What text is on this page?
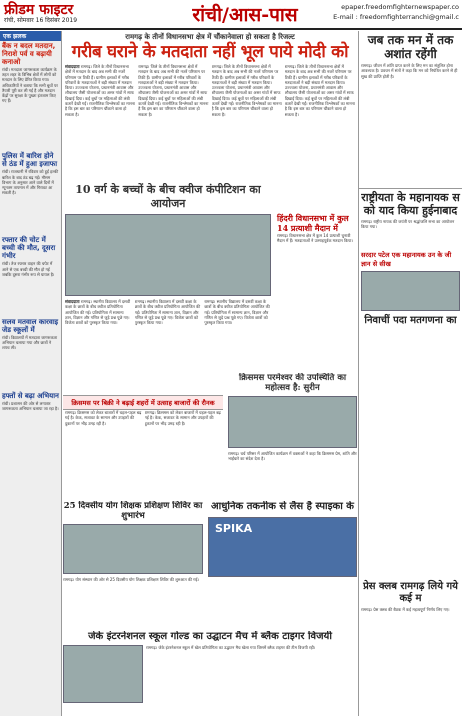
फ्रीडम फाइटर
रांची, सोमवार 16 दिसंबर 2019	रांची/आस-पास	epaper.freedomfighternewspaper.co
E-mail : freedomfighterranchi@gmail.c
एक झलक
बैंक न बदल मतदान, निराशे पर्व व बढ़ायी कनाओ
रांची। मतदाता जागरूकता कार्यक्रम के तहत शहर के विभिन्न क्षेत्रों में लोगों को मतदान के लिए प्रेरित किया गया। अधिकारियों ने बताया कि सभी बूथों पर तैयारी पूरी कर ली गई है और मतदान केंद्रों पर सुरक्षा के पुख्ता इंतजाम किए गए हैं।
पुलिस में बारिश होने से ठंड में हुआ इजाफा
रांची। राजधानी में रविवार को हुई हल्की बारिश के बाद ठंड बढ़ गई। मौसम विभाग के अनुसार आने वाले दिनों में न्यूनतम तापमान में और गिरावट आ सकती है।
रफ्तार की चोट में बच्ची की मौत, दूसरा गंभीर
रांची। तेज रफ्तार वाहन की चपेट में आने से एक बच्ची की मौत हो गई जबकि दूसरा गंभीर रूप से घायल है।
सलव मतवाल कारवाइ जेड स्कूलों में
रांची। विद्यालयों में मतदाता जागरूकता अभियान चलाया गया और छात्रों ने शपथ ली।
हफ्तों से बढ़ा अभियान
रांची। प्रशासन की ओर से लगातार जागरूकता अभियान चलाया जा रहा है।
रामगढ़ के तीनों विधानसभा क्षेत्र में चौंकानेवाला हो सकता है रिजल्ट
गरीब घराने के मतदाता नहीं भूल पाये मोदी को
संवाददाता रामगढ़। जिले के तीनों विधानसभा क्षेत्रों में मतदान के बाद अब सभी की नजरें परिणाम पर टिकी हैं। ग्रामीण इलाकों में गरीब परिवारों के मतदाताओं ने बड़ी संख्या में मतदान किया। उज्ज्वला योजना, प्रधानमंत्री आवास और शौचालय जैसी योजनाओं का असर गांवों में साफ दिखाई दिया। कई बूथों पर महिलाओं की लंबी कतारें देखी गईं। राजनीतिक विश्लेषकों का मानना है कि इस बार का परिणाम चौंकाने वाला हो सकता है।
रामगढ़। जिले के तीनों विधानसभा क्षेत्रों में मतदान के बाद अब सभी की नजरें परिणाम पर टिकी हैं। ग्रामीण इलाकों में गरीब परिवारों के मतदाताओं ने बड़ी संख्या में मतदान किया। उज्ज्वला योजना, प्रधानमंत्री आवास और शौचालय जैसी योजनाओं का असर गांवों में साफ दिखाई दिया। कई बूथों पर महिलाओं की लंबी कतारें देखी गईं। राजनीतिक विश्लेषकों का मानना है कि इस बार का परिणाम चौंकाने वाला हो सकता है।
रामगढ़। जिले के तीनों विधानसभा क्षेत्रों में मतदान के बाद अब सभी की नजरें परिणाम पर टिकी हैं। ग्रामीण इलाकों में गरीब परिवारों के मतदाताओं ने बड़ी संख्या में मतदान किया। उज्ज्वला योजना, प्रधानमंत्री आवास और शौचालय जैसी योजनाओं का असर गांवों में साफ दिखाई दिया। कई बूथों पर महिलाओं की लंबी कतारें देखी गईं। राजनीतिक विश्लेषकों का मानना है कि इस बार का परिणाम चौंकाने वाला हो सकता है।
रामगढ़। जिले के तीनों विधानसभा क्षेत्रों में मतदान के बाद अब सभी की नजरें परिणाम पर टिकी हैं। ग्रामीण इलाकों में गरीब परिवारों के मतदाताओं ने बड़ी संख्या में मतदान किया। उज्ज्वला योजना, प्रधानमंत्री आवास और शौचालय जैसी योजनाओं का असर गांवों में साफ दिखाई दिया। कई बूथों पर महिलाओं की लंबी कतारें देखी गईं। राजनीतिक विश्लेषकों का मानना है कि इस बार का परिणाम चौंकाने वाला हो सकता है।
10 वर्ग के बच्चों के बीच क्वीज कंपीटिशन का आयोजन
संवाददाता रामगढ़। स्थानीय विद्यालय में दसवीं कक्षा के छात्रों के बीच क्वीज प्रतियोगिता आयोजित की गई। प्रतियोगिता में सामान्य ज्ञान, विज्ञान और गणित से जुड़े प्रश्न पूछे गए। विजेता छात्रों को पुरस्कृत किया गया।
रामगढ़। स्थानीय विद्यालय में दसवीं कक्षा के छात्रों के बीच क्वीज प्रतियोगिता आयोजित की गई। प्रतियोगिता में सामान्य ज्ञान, विज्ञान और गणित से जुड़े प्रश्न पूछे गए। विजेता छात्रों को पुरस्कृत किया गया।
रामगढ़। स्थानीय विद्यालय में दसवीं कक्षा के छात्रों के बीच क्वीज प्रतियोगिता आयोजित की गई। प्रतियोगिता में सामान्य ज्ञान, विज्ञान और गणित से जुड़े प्रश्न पूछे गए। विजेता छात्रों को पुरस्कृत किया गया।
हिंदरी विधानसभा में कुल 14 प्रत्याशी मैदान में
रामगढ़। विधानसभा क्षेत्र में कुल 14 प्रत्याशी चुनावी मैदान में हैं। मतदाताओं ने उत्साहपूर्वक मतदान किया।
क्रिसमस पर बिक्री ने बढ़ाई शहरों में उत्साह बाजारों की रौनक
रामगढ़। क्रिसमस को लेकर बाजारों में चहल-पहल बढ़ गई है। केक, सजावट के सामान और उपहारों की दुकानों पर भीड़ उमड़ रही है।
रामगढ़। क्रिसमस को लेकर बाजारों में चहल-पहल बढ़ गई है। केक, सजावट के सामान और उपहारों की दुकानों पर भीड़ उमड़ रही है।
क्रिसमस परमेश्वर की उपस्थिति का महोत्सव है: सुरीन
रामगढ़। चर्च परिसर में आयोजित कार्यक्रम में वक्ताओं ने कहा कि क्रिसमस प्रेम, शांति और भाईचारे का संदेश देता है।
25 दिवसीय योग शिक्षक प्रशिक्षण शिविर का शुभारंभ
रामगढ़। योग संस्थान की ओर से 25 दिवसीय योग शिक्षक प्रशिक्षण शिविर की शुरुआत की गई।
आधुनिक तकनीक से लैस है स्पाइका के
SPIKA
जेके इंटरनेशनल स्कूल गोल्ड का उद्घाटन मैच में ब्लैक टाइगर विजयी
रामगढ़। जेके इंटरनेशनल स्कूल में खेल प्रतियोगिता का उद्घाटन मैच खेला गया जिसमें ब्लैक टाइगर की टीम विजयी रही।
जब तक मन में तक अशांत रहेंगी
रामगढ़। जीवन में शांति प्राप्त करने के लिए मन का संतुलित होना आवश्यक है। प्रवचन में संतों ने कहा कि मन को नियंत्रित करने से ही सुख की प्राप्ति होती है।
राष्ट्रीयता के महानायक स को याद किया हुईनाबाद
रामगढ़। राष्ट्रीय नायक की जयंती पर श्रद्धांजलि सभा का आयोजन किया गया।
सरदार पटेल एक महानायक उन के जी ज्ञान से सीख
निवाचीं पदा मतगणना का
प्रेस क्लब रामगढ़ लिये गये कई म
रामगढ़। प्रेस क्लब की बैठक में कई महत्वपूर्ण निर्णय लिए गए।
